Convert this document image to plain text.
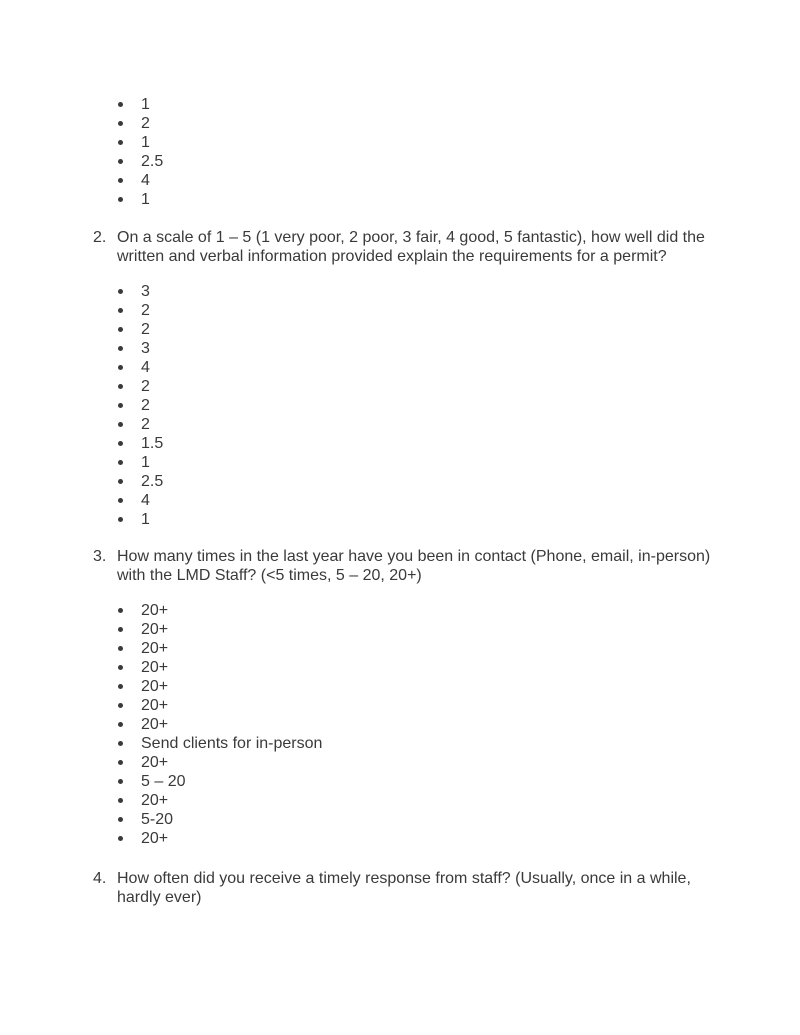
1
2
1
2.5
4
1
2. On a scale of 1 – 5 (1 very poor, 2 poor, 3 fair, 4 good, 5 fantastic), how well did the written and verbal information provided explain the requirements for a permit?
3
2
2
3
4
2
2
2
1.5
1
2.5
4
1
3. How many times in the last year have you been in contact (Phone, email, in-person) with the LMD Staff? (<5 times, 5 – 20, 20+)
20+
20+
20+
20+
20+
20+
20+
Send clients for in-person
20+
5 – 20
20+
5-20
20+
4. How often did you receive a timely response from staff? (Usually, once in a while, hardly ever)
